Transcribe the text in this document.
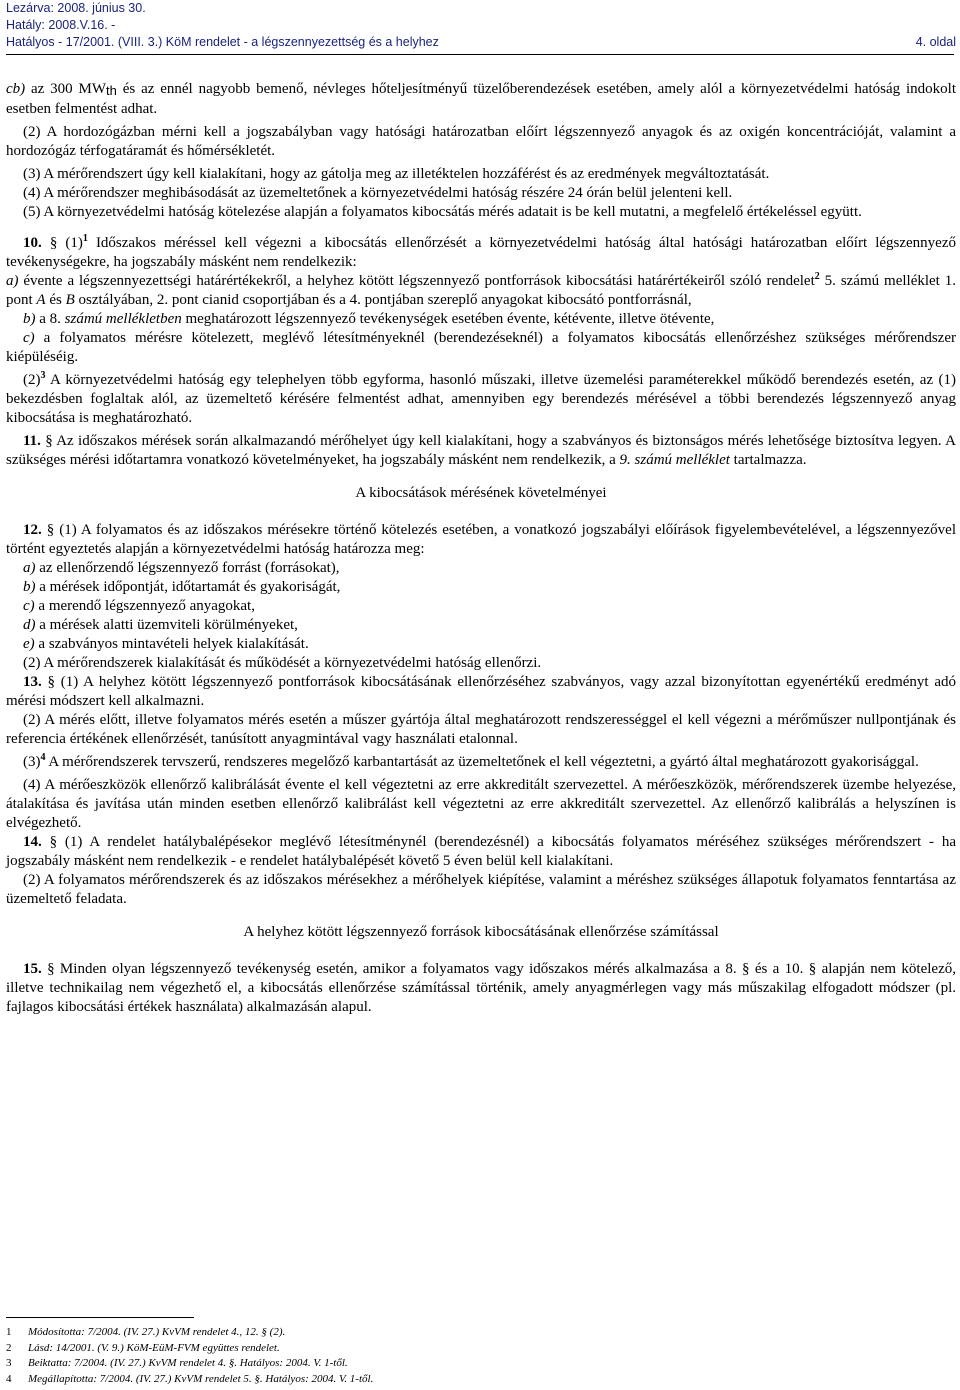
Lezárva: 2008. június 30.
Hatály: 2008.V.16. -
Hatályos - 17/2001. (VIII. 3.) KöM rendelet - a légszennyezettség és a helyhez	4. oldal

cb) az 300 MWth és az ennél nagyobb bemenő, névleges hőteljesítményű tüzelőberendezések esetében, amely alól a környezetvédelmi hatóság indokolt esetben felmentést adhat.

(2) A hordozógázban mérni kell a jogszabályban vagy hatósági határozatban előírt légszennyező anyagok és az oxigén koncentrációját, valamint a hordozógáz térfogatáramát és hőmérsékletét.

(3) A mérőrendszert úgy kell kialakítani, hogy az gátolja meg az illetéktelen hozzáférést és az eredmények megváltoztatását.

(4) A mérőrendszer meghibásodását az üzemeltetőnek a környezetvédelmi hatóság részére 24 órán belül jelenteni kell.

(5) A környezetvédelmi hatóság kötelezése alapján a folyamatos kibocsátás mérés adatait is be kell mutatni, a megfelelő értékeléssel együtt.

10. § $(1)^1$ Időszakos méréssel kell végezni a kibocsátás ellenőrzését a környezetvédelmi hatóság által hatósági határozatban előírt légszennyező tevékenységekre, ha jogszabály másként nem rendelkezik:

a) évente a légszennyezettségi határértékekről, a helyhez kötött légszennyező pontforrások kibocsátási határértékeiről szóló rendelet$^2$ 5. számú melléklet 1. pont A és B osztályában, 2. pont cianid csoportjában és a 4. pontjában szereplő anyagokat kibocsátó pontforrásnál,

b) a 8. számú mellékletben meghatározott légszennyező tevékenységek esetében évente, kétévente, illetve ötévente,

c) a folyamatos mérésre kötelezett, meglévő létesítményeknél (berendezéseknél) a folyamatos kibocsátás ellenőrzéshez szükséges mérőrendszer kiépüléséig.

$(2)^3$ A környezetvédelmi hatóság egy telephelyen több egyforma, hasonló műszaki, illetve üzemelési paraméterekkel működő berendezés esetén, az (1) bekezdésben foglaltak alól, az üzemeltető kérésére felmentést adhat, amennyiben egy berendezés mérésével a többi berendezés légszennyező anyag kibocsátása is meghatározható.

11. § Az időszakos mérések során alkalmazandó mérőhelyet úgy kell kialakítani, hogy a szabványos és biztonságos mérés lehetősége biztosítva legyen. A szükséges mérési időtartamra vonatkozó követelményeket, ha jogszabály másként nem rendelkezik, a 9. számú melléklet tartalmazza.

A kibocsátások mérésének követelményei

12. § (1) A folyamatos és az időszakos mérésekre történő kötelezés esetében, a vonatkozó jogszabályi előírások figyelembevételével, a légszennyezővel történt egyeztetés alapján a környezetvédelmi hatóság határozza meg:

a) az ellenőrzendő légszennyező forrást (forrásokat),

b) a mérések időpontját, időtartamát és gyakoriságát,

c) a merendő légszennyező anyagokat,

d) a mérések alatti üzemviteli körülményeket,

e) a szabványos mintavételi helyek kialakítását.

(2) A mérőrendszerek kialakítását és működését a környezetvédelmi hatóság ellenőrzi.

13. § (1) A helyhez kötött légszennyező pontforrások kibocsátásának ellenőrzéséhez szabványos, vagy azzal bizonyítottan egyenértékű eredményt adó mérési módszert kell alkalmazni.

(2) A mérés előtt, illetve folyamatos mérés esetén a műszer gyártója által meghatározott rendszerességgel el kell végezni a mérőműszer nullpontjának és referencia értékének ellenőrzését, tanúsított anyagmintával vagy használati etalonnal.

$(3)^4$ A mérőrendszerek tervszerű, rendszeres megelőző karbantartását az üzemeltetőnek el kell végeztetni, a gyártó által meghatározott gyakorisággal.

(4) A mérőeszközök ellenőrző kalibrálását évente el kell végeztetni az erre akkreditált szervezettel. A mérőeszközök, mérőrendszerek üzembe helyezése, átalakítása és javítása után minden esetben ellenőrző kalibrálást kell végeztetni az erre akkreditált szervezettel. Az ellenőrző kalibrálás a helyszínen is elvégezhető.

14. § (1) A rendelet hatálybalépésekor meglévő létesítménynél (berendezésnél) a kibocsátás folyamatos méréséhez szükséges mérőrendszert - ha jogszabály másként nem rendelkezik - e rendelet hatálybalépését követő 5 éven belül kell kialakítani.

(2) A folyamatos mérőrendszerek és az időszakos mérésekhez a mérőhelyek kiépítése, valamint a méréshez szükséges állapotuk folyamatos fenntartása az üzemeltető feladata.

A helyhez kötött légszennyező források kibocsátásának ellenőrzése számítással

15. § Minden olyan légszennyező tevékenység esetén, amikor a folyamatos vagy időszakos mérés alkalmazása a 8. § és a 10. § alapján nem kötelező, illetve technikailag nem végezhető el, a kibocsátás ellenőrzése számítással történik, amely anyagmérlegen vagy más műszakilag elfogadott módszer (pl. fajlagos kibocsátási értékek használata) alkalmazásán alapul.

1 Módosította: 7/2004. (IV. 27.) KvVM rendelet 4., 12. § (2).
2 Lásd: 14/2001. (V. 9.) KöM-EüM-FVM együttes rendelet.
3 Beiktatta: 7/2004. (IV. 27.) KvVM rendelet 4. §. Hatályos: 2004. V. 1-től.
4 Megállapította: 7/2004. (IV. 27.) KvVM rendelet 5. §. Hatályos: 2004. V. 1-től.
